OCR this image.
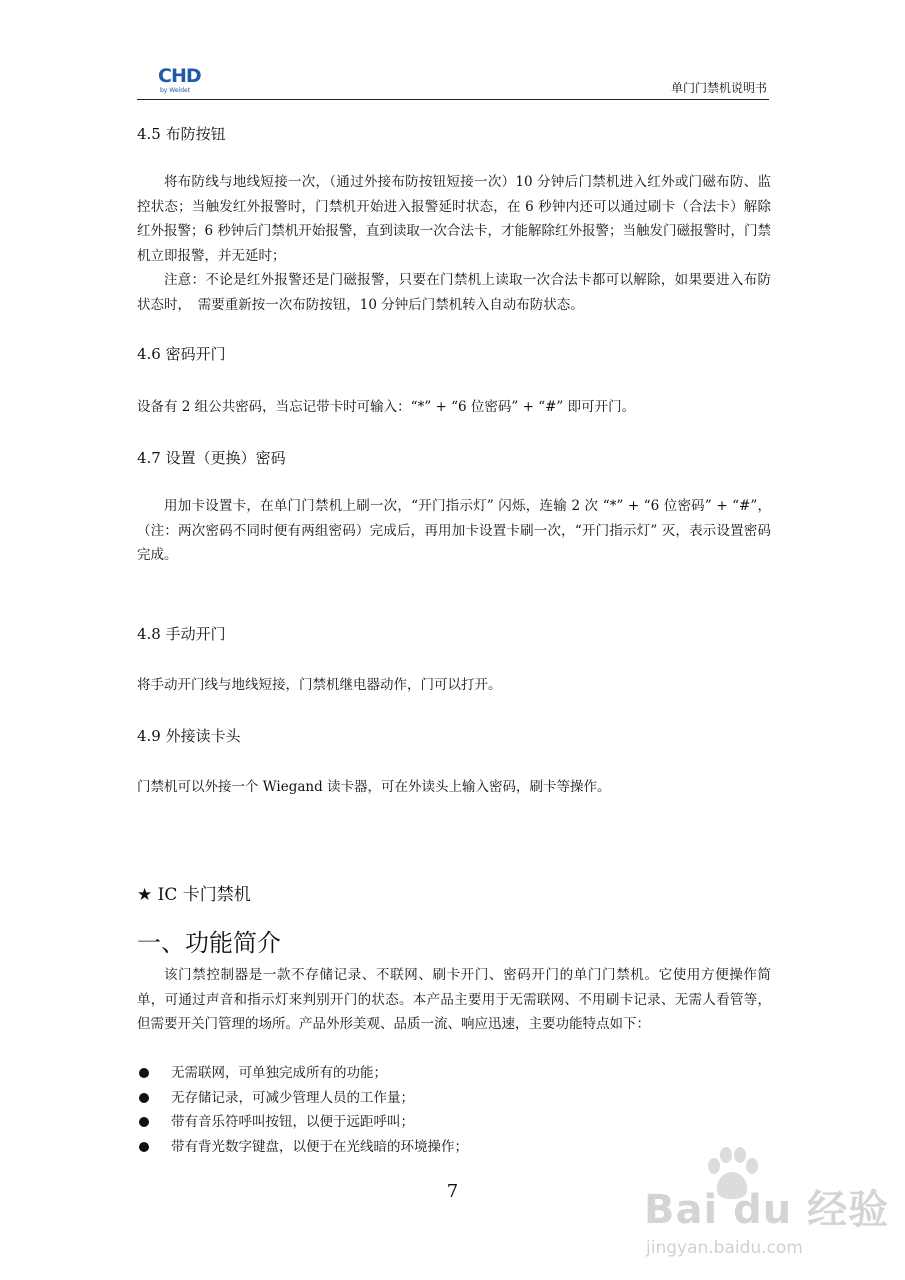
CHD
by Weldet	单门门禁机说明书
4.5 布防按钮
将布防线与地线短接一次，（通过外接布防按钮短接一次）10 分钟后门禁机进入红外或门磁布防、监控状态；当触发红外报警时，门禁机开始进入报警延时状态，在 6 秒钟内还可以通过刷卡（合法卡）解除红外报警；6 秒钟后门禁机开始报警，直到读取一次合法卡，才能解除红外报警；当触发门磁报警时，门禁机立即报警，并无延时；
注意：不论是红外报警还是门磁报警，只要在门禁机上读取一次合法卡都可以解除，如果要进入布防状态时，　需要重新按一次布防按钮，10 分钟后门禁机转入自动布防状态。
4.6 密码开门
设备有 2 组公共密码，当忘记带卡时可输入：“*” + “6 位密码” + “#” 即可开门。
4.7 设置（更换）密码
用加卡设置卡，在单门门禁机上刷一次，“开门指示灯” 闪烁，连输 2 次 “*” + “6 位密码” + “#”，（注：两次密码不同时便有两组密码）完成后，再用加卡设置卡刷一次，“开门指示灯” 灭，表示设置密码完成。
4.8 手动开门
将手动开门线与地线短接，门禁机继电器动作，门可以打开。
4.9 外接读卡头
门禁机可以外接一个 Wiegand 读卡器，可在外读头上输入密码，刷卡等操作。
★ IC 卡门禁机
一、功能简介
该门禁控制器是一款不存储记录、不联网、刷卡开门、密码开门的单门门禁机。它使用方便操作简单，可通过声音和指示灯来判别开门的状态。本产品主要用于无需联网、不用刷卡记录、无需人看管等，但需要开关门管理的场所。产品外形美观、品质一流、响应迅速，主要功能特点如下：
无需联网，可单独完成所有的功能；
无存储记录，可减少管理人员的工作量；
带有音乐符呼叫按钮，以便于远距呼叫；
带有背光数字键盘，以便于在光线暗的环境操作；
7	Bai du 经验
jingyan.baidu.com
